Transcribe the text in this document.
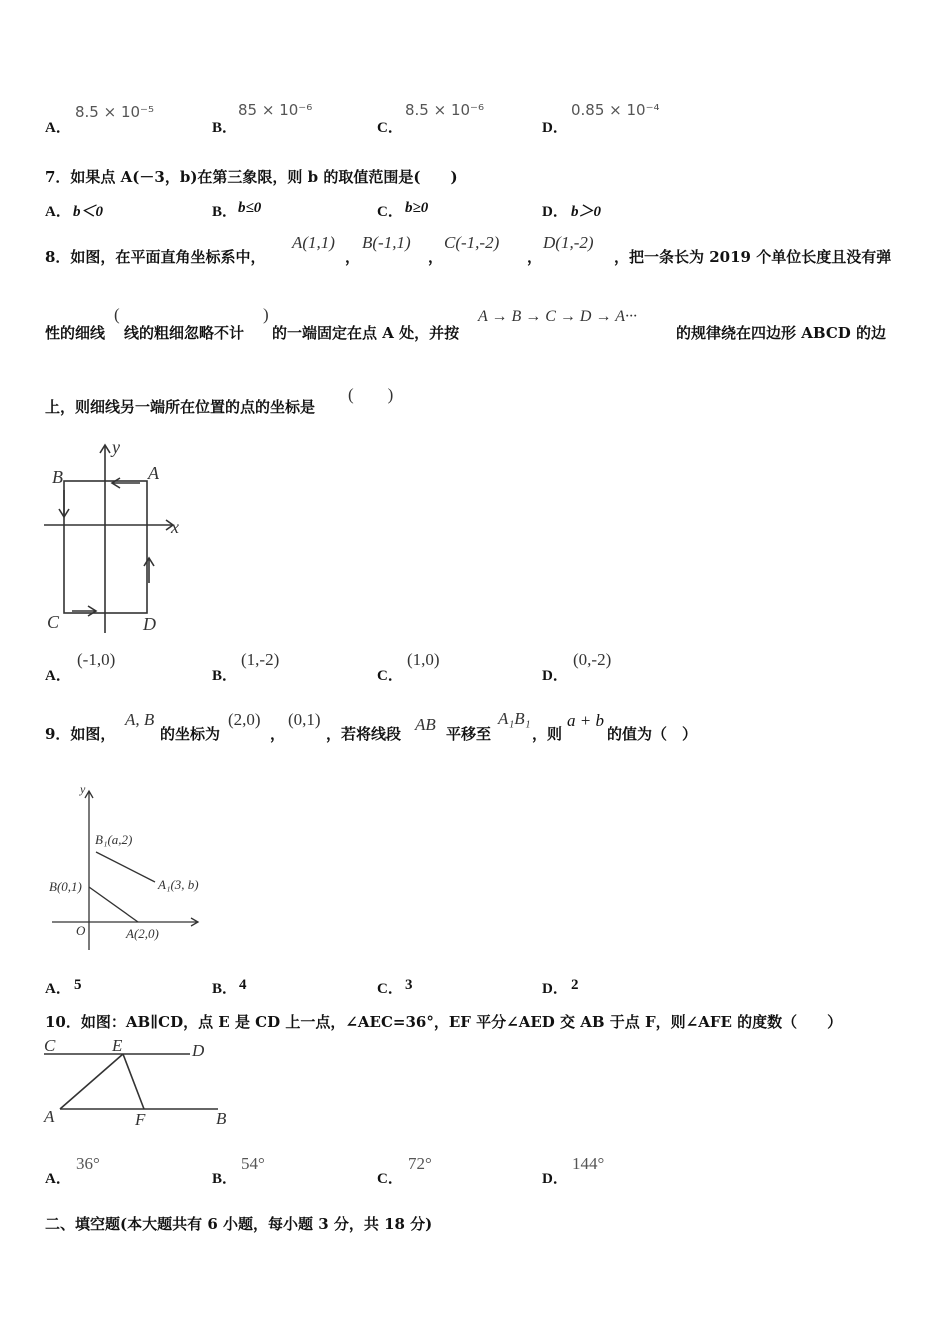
A．
8.5 × 10⁻⁵
B．
85 × 10⁻⁶
C．
8.5 × 10⁻⁶
D．
0.85 × 10⁻⁴
7．如果点 A(－3，b)在第三象限，则 b 的取值范围是(　　)
A． b＜0	B． b≤0	C． b≥0	D． b＞0
8．如图，在平面直角坐标系中，
A(1,1)
，
B(-1,1)
，
C(-1,-2)
，
D(1,-2)
，把一条长为 2019 个单位长度且没有弹
性的细线
(
线的粗细忽略不计
)
的一端固定在点 A 处，并按
A → B → C → D → A···
的规律绕在四边形 ABCD 的边
上，则细线另一端所在位置的点的坐标是
(　　)
A
B
C	D
x
y
A．
(-1,0)
B．
(1,-2)
C．
(1,0)
D．
(0,-2)
9．如图，
A, B
的坐标为
(2,0)
，
(0,1)
，若将线段 AB 平移至
A₁B₁
，则
a + b
的值为（　）
y
O
B₁(a,2)
A₁(3, b)
B(0,1)
A(2,0)
A． 5	B． 4	C． 3	D． 2
10．如图：AB∥CD，点 E 是 CD 上一点，∠AEC=36°，EF 平分∠AED 交 AB 于点 F，则∠AFE 的度数（　　）
C	E	D
A	F	B
A．
36°
B．
54°
C．
72°
D．
144°
二、填空题(本大题共有 6 小题，每小题 3 分，共 18 分)
